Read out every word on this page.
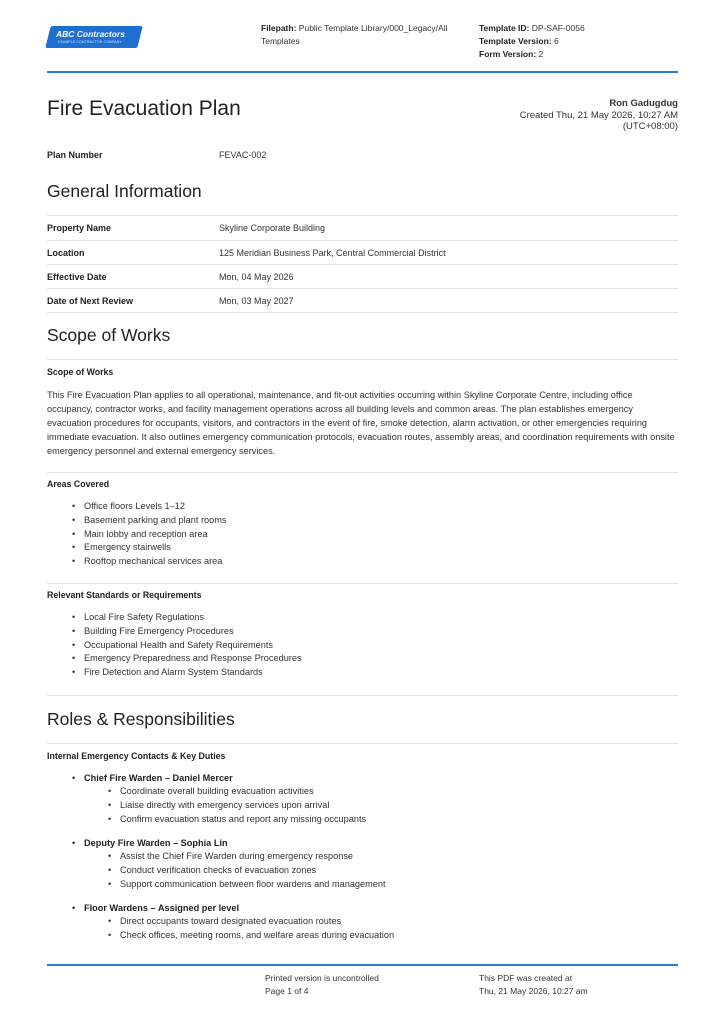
ABC Contractors
EXAMPLE CONTRACTOR COMPANY
Filepath: Public Template Library/000_Legacy/All Templates
Template ID: DP-SAF-0056
Template Version: 6
Form Version: 2
Fire Evacuation Plan	Ron Gadugdug
Created Thu, 21 May 2026, 10:27 AM
(UTC+08:00)
Plan Number	FEVAC-002
General Information
Property Name	Skyline Corporate Building
Location	125 Meridian Business Park, Central Commercial District
Effective Date	Mon, 04 May 2026
Date of Next Review	Mon, 03 May 2027
Scope of Works
Scope of Works
This Fire Evacuation Plan applies to all operational, maintenance, and fit-out activities occurring within Skyline Corporate Centre, including office occupancy, contractor works, and facility management operations across all building levels and common areas. The plan establishes emergency evacuation procedures for occupants, visitors, and contractors in the event of fire, smoke detection, alarm activation, or other emergencies requiring immediate evacuation. It also outlines emergency communication protocols, evacuation routes, assembly areas, and coordination requirements with onsite emergency personnel and external emergency services.
Areas Covered
• Office floors Levels 1–12
• Basement parking and plant rooms
• Main lobby and reception area
• Emergency stairwells
• Rooftop mechanical services area
Relevant Standards or Requirements
• Local Fire Safety Regulations
• Building Fire Emergency Procedures
• Occupational Health and Safety Requirements
• Emergency Preparedness and Response Procedures
• Fire Detection and Alarm System Standards
Roles & Responsibilities
Internal Emergency Contacts & Key Duties
• Chief Fire Warden – Daniel Mercer
• Coordinate overall building evacuation activities
• Liaise directly with emergency services upon arrival
• Confirm evacuation status and report any missing occupants
• Deputy Fire Warden – Sophia Lin
• Assist the Chief Fire Warden during emergency response
• Conduct verification checks of evacuation zones
• Support communication between floor wardens and management
• Floor Wardens – Assigned per level
• Direct occupants toward designated evacuation routes
• Check offices, meeting rooms, and welfare areas during evacuation
Printed version is uncontrolled
Page 1 of 4
This PDF was created at
Thu, 21 May 2026, 10:27 am
